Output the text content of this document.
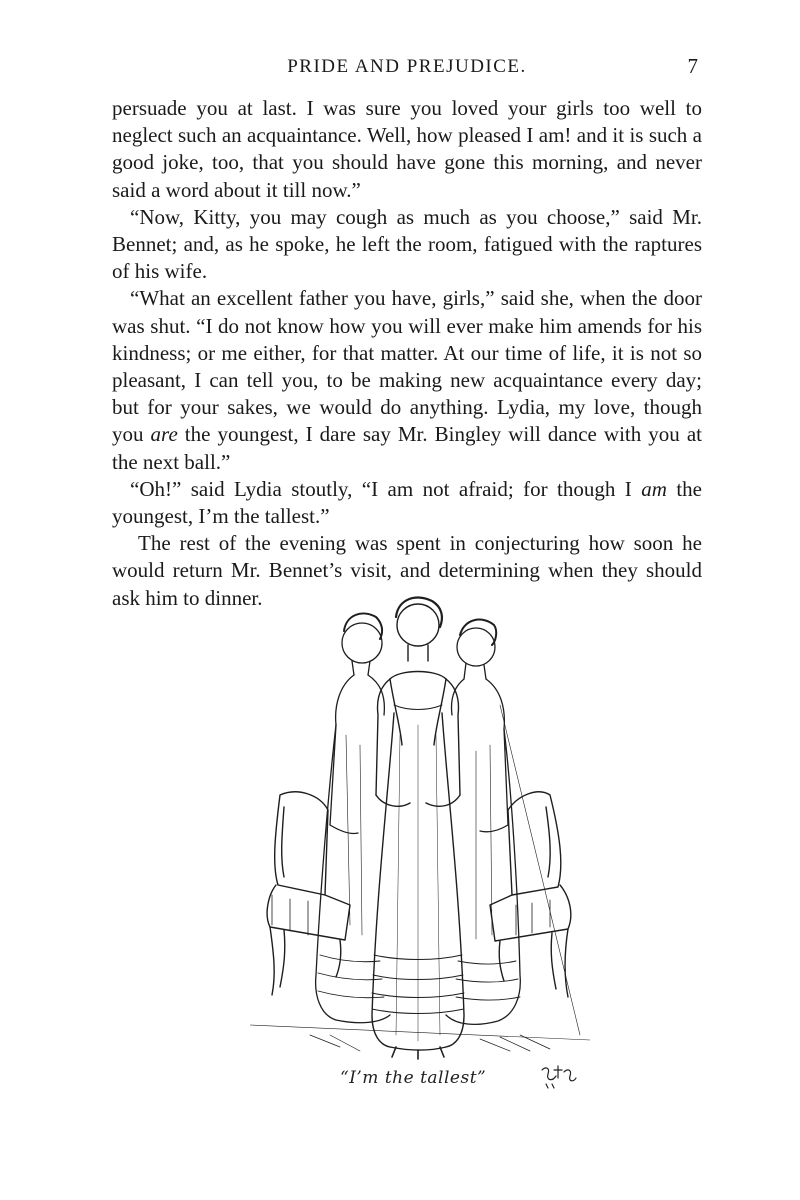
PRIDE AND PREJUDICE.	7

persuade you at last. I was sure you loved your girls too well to neglect such an acquaintance. Well, how pleased I am! and it is such a good joke, too, that you should have gone this morning, and never said a word about it till now.”

“Now, Kitty, you may cough as much as you choose,” said Mr. Bennet; and, as he spoke, he left the room, fatigued with the raptures of his wife.

“What an excellent father you have, girls,” said she, when the door was shut. “I do not know how you will ever make him amends for his kindness; or me either, for that matter. At our time of life, it is not so pleasant, I can tell you, to be making new acquaintance every day; but for your sakes, we would do anything. Lydia, my love, though you are the youngest, I dare say Mr. Bingley will dance with you at the next ball.”

“Oh!” said Lydia stoutly, “I am not afraid; for though I am the youngest, I’m the tallest.”

The rest of the evening was spent in conjecturing how soon he would return Mr. Bennet’s visit, and determining when they should ask him to dinner.

“I’m the tallest”
